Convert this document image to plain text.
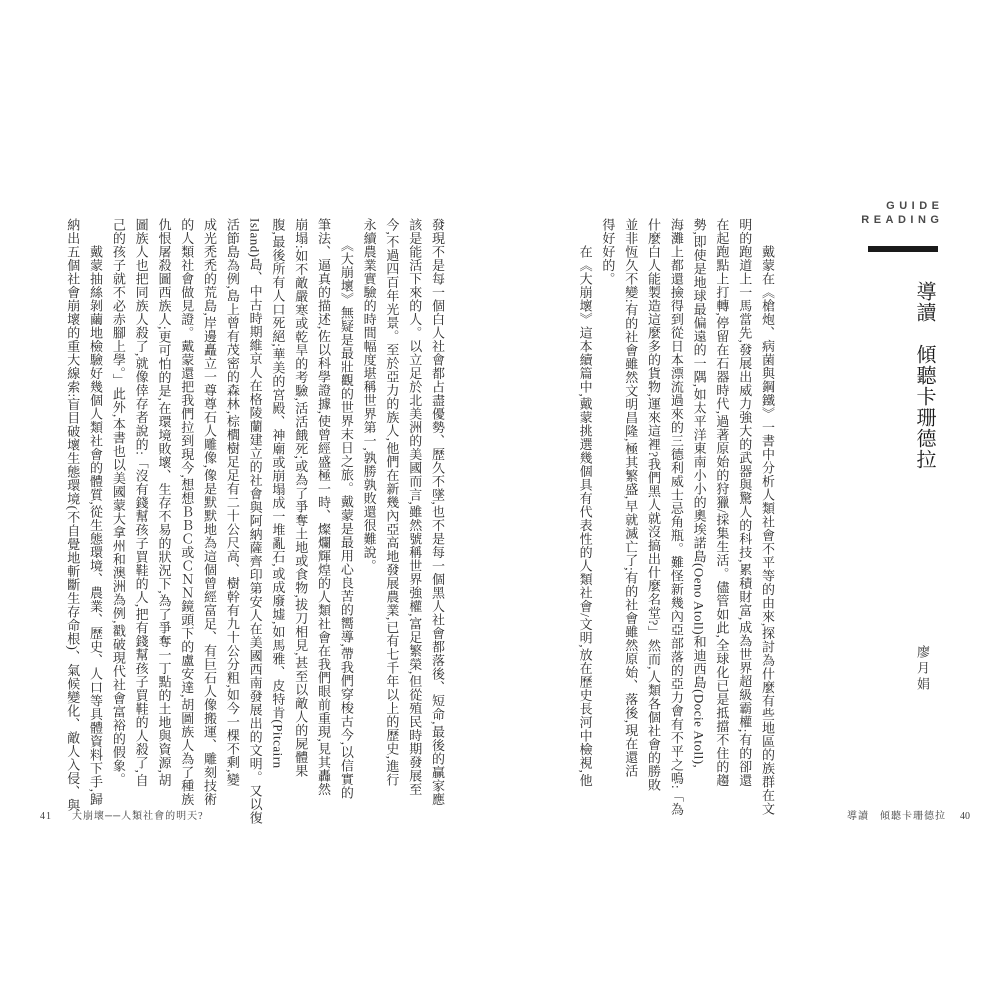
發現不是每一個白人社會都占盡優勢、歷久不墜,也不是每一個黑人社會都落後、短命,最後的贏家應

該是能活下來的人。以立足於北美洲的美國而言,雖然號稱世界強權,富足繁榮,但從殖民時期發展至

今,不過四百年光景。至於亞力的族人,他們在新幾內亞高地發展農業,已有七千年以上的歷史,進行

永續農業實驗的時間幅度堪稱世界第一,孰勝孰敗還很難說。

　　《大崩壞》無疑是最壯觀的世界末日之旅。戴蒙是最用心良苦的嚮導,帶我們穿梭古今,以信實的

筆法、逼真的描述,佐以科學證據,使曾經盛極一時、燦爛輝煌的人類社會在我們眼前重現,見其轟然

崩塌:如不敵嚴寒或乾旱的考驗,活活餓死;或為了爭奪土地或食物,拔刀相見,甚至以敵人的屍體果

腹,最後所有人口死絕;華美的宮殿、神廟或崩塌成一堆亂石,或成廢墟,如馬雅、皮特肯(Pitcairn

Island)島、中古時期維京人在格陵蘭建立的社會與阿納薩齊印第安人在美國西南發展出的文明。又以復

活節島為例,島上曾有茂密的森林,棕櫚樹足足有二十公尺高、樹幹有九十公分粗,如今一棵不剩,變

成光禿禿的荒島,岸邊矗立一尊尊石人雕像,像是默默地為這個曾經富足、有巨石人像搬運、雕刻技術

的人類社會做見證。戴蒙還把我們拉到現今,想想ＢＢＣ或ＣＮＮ鏡頭下的盧安達,胡圖族人為了種族

仇恨屠殺圖西族人;更可怕的是,在環境敗壞、生存不易的狀況下,為了爭奪一丁點的土地與資源,胡

圖族人也把同族人殺了,就像倖存者說的:「沒有錢幫孩子買鞋的人,把有錢幫孩子買鞋的人殺了,自

己的孩子就不必赤腳上學。」此外,本書也以美國蒙大拿州和澳洲為例,戳破現代社會富裕的假象。

　　戴蒙抽絲剝繭地檢驗好幾個人類社會的體質,從生態環境、農業、歷史、人口等具體資料下手,歸

納出五個社會崩壞的重大線索:盲目破壞生態環境(不自覺地斬斷生存命根)、氣候變化、敵人入侵、與

41 大崩壞──人類社會的明天?
GUIDE
READING
導讀　傾聽卡珊德拉
廖月娟

　　戴蒙在《槍炮、病菌與鋼鐵》一書中分析人類社會不平等的由來,探討為什麼有些地區的族群在文

明的跑道上一馬當先,發展出威力強大的武器與驚人的科技,累積財富,成為世界超級霸權;有的卻還

在起跑點上打轉,停留在石器時代,過著原始的狩獵/採集生活。儘管如此,全球化已是抵擋不住的趨

勢,即使是地球最偏遠的一隅,如太平洋東南小小的奧埃諾島(Oeno Atoll)和迪西島(Docie Atoll),

海灘上都還撿得到從日本漂流過來的三德利威士忌角瓶。難怪新幾內亞部落的亞力會有不平之鳴:「為

什麼白人能製造這麼多的貨物,運來這裡?我們黑人就沒搞出什麼名堂?」然而,人類各個社會的勝敗

並非恆久不變:有的社會雖然文明昌隆,極其繁盛,早就滅亡了;有的社會雖然原始、落後,現在還活

得好好的。

　　在《大崩壞》這本續篇中,戴蒙挑選幾個具有代表性的人類社會/文明,放在歷史長河中檢視,他

導讀 傾聽卡珊德拉 40
